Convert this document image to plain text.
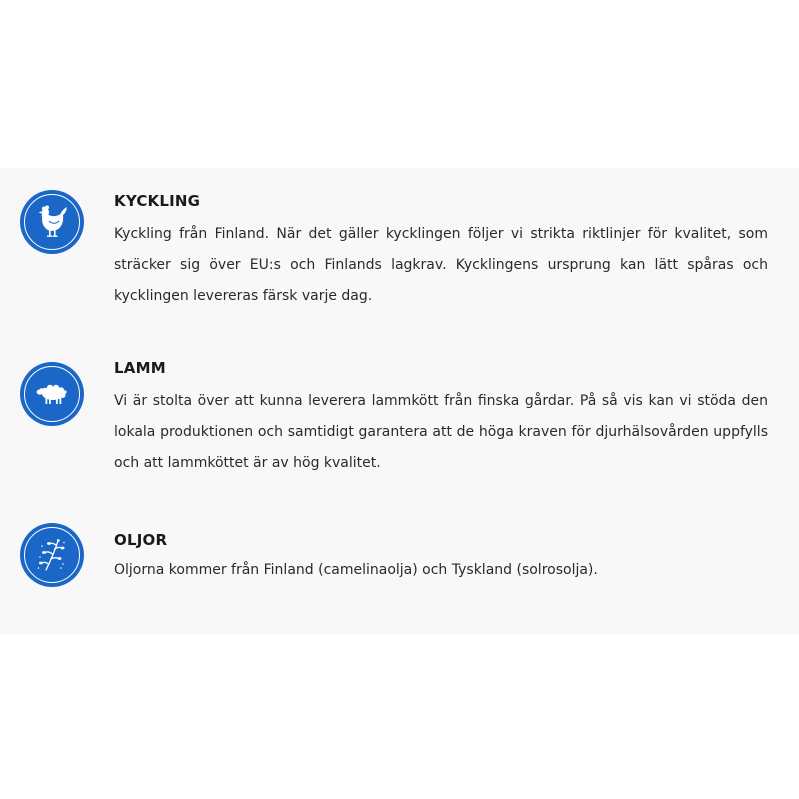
KYCKLING
Kyckling från Finland. När det gäller kycklingen följer vi strikta riktlinjer för kvalitet, som sträcker sig över EU:s och Finlands lagkrav. Kycklingens ursprung kan lätt spåras och kycklingen levereras färsk varje dag.
LAMM
Vi är stolta över att kunna leverera lammkött från finska gårdar. På så vis kan vi stöda den lokala produktionen och samtidigt garantera att de höga kraven för djurhälsovården uppfylls och att lammköttet är av hög kvalitet.
OLJOR
Oljorna kommer från Finland (camelinaolja) och Tyskland (solrosolja).
